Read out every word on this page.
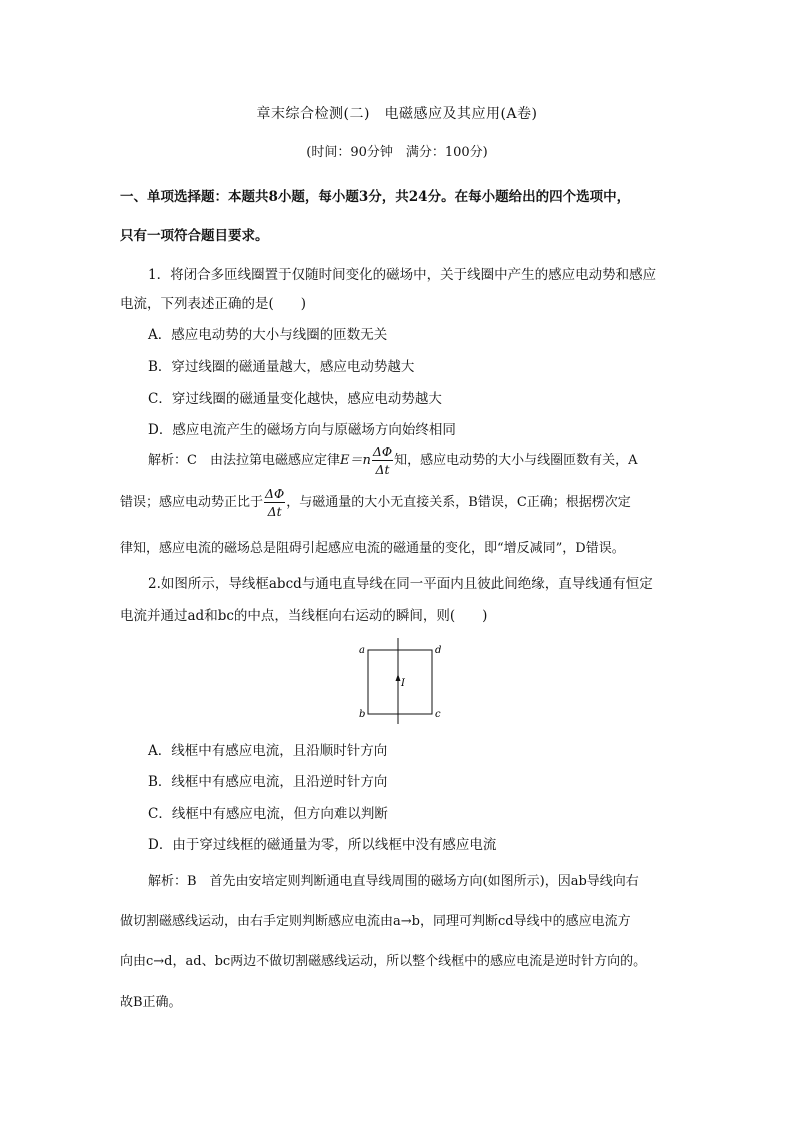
章末综合检测(二)　电磁感应及其应用(A卷)
(时间：90分钟　满分：100分)
一、单项选择题：本题共8小题，每小题3分，共24分。在每小题给出的四个选项中，
只有一项符合题目要求。
1．将闭合多匝线圈置于仅随时间变化的磁场中，关于线圈中产生的感应电动势和感应
电流，下列表述正确的是(　　)
A．感应电动势的大小与线圈的匝数无关
B．穿过线圈的磁通量越大，感应电动势越大
C．穿过线圈的磁通量变化越快，感应电动势越大
D．感应电流产生的磁场方向与原磁场方向始终相同
解析：C　由法拉第电磁感应定律$E=n \frac{\Delta\Phi}{\Delta t}$ 知，感应电动势的大小与线圈匝数有关，A
错误；感应电动势正比于 $\frac{\Delta\Phi}{\Delta t}$ ，与磁通量的大小无直接关系，B错误，C正确；根据楞次定
律知，感应电流的磁场总是阻碍引起感应电流的磁通量的变化，即“增反减同”，D错误。
2.如图所示，导线框abcd与通电直导线在同一平面内且彼此间绝缘，直导线通有恒定
电流并通过ad和bc的中点，当线框向右运动的瞬间，则(　　)
a	d
b	c
I
A．线框中有感应电流，且沿顺时针方向
B．线框中有感应电流，且沿逆时针方向
C．线框中有感应电流，但方向难以判断
D．由于穿过线框的磁通量为零，所以线框中没有感应电流
解析：B　首先由安培定则判断通电直导线周围的磁场方向(如图所示)，因ab导线向右
做切割磁感线运动，由右手定则判断感应电流由a→b，同理可判断cd导线中的感应电流方
向由c→d，ad、bc两边不做切割磁感线运动，所以整个线框中的感应电流是逆时针方向的。
故B正确。
